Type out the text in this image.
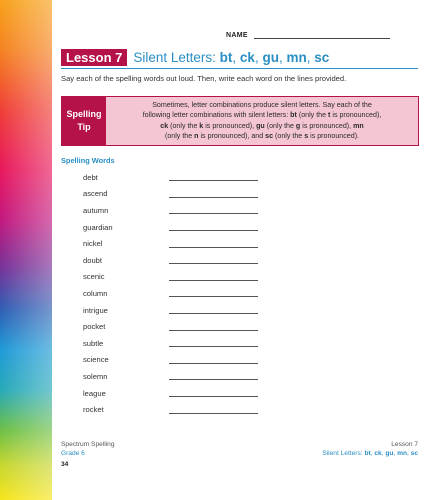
NAME
Lesson 7 Silent Letters: bt, ck, gu, mn, sc
Say each of the spelling words out loud. Then, write each word on the lines provided.
Spelling
Tip
Sometimes, letter combinations produce silent letters. Say each of the
following letter combinations with silent letters: bt (only the t is pronounced),
ck (only the k is pronounced), gu (only the g is pronounced), mn
(only the n is pronounced), and sc (only the s is pronounced).
Spelling Words
debt
ascend
autumn
guardian
nickel
doubt
scenic
column
intrigue
pocket
subtle
science
solemn
league
rocket
Spectrum Spelling
Grade 6
34
Lesson 7
Silent Letters: bt, ck, gu, mn, sc
